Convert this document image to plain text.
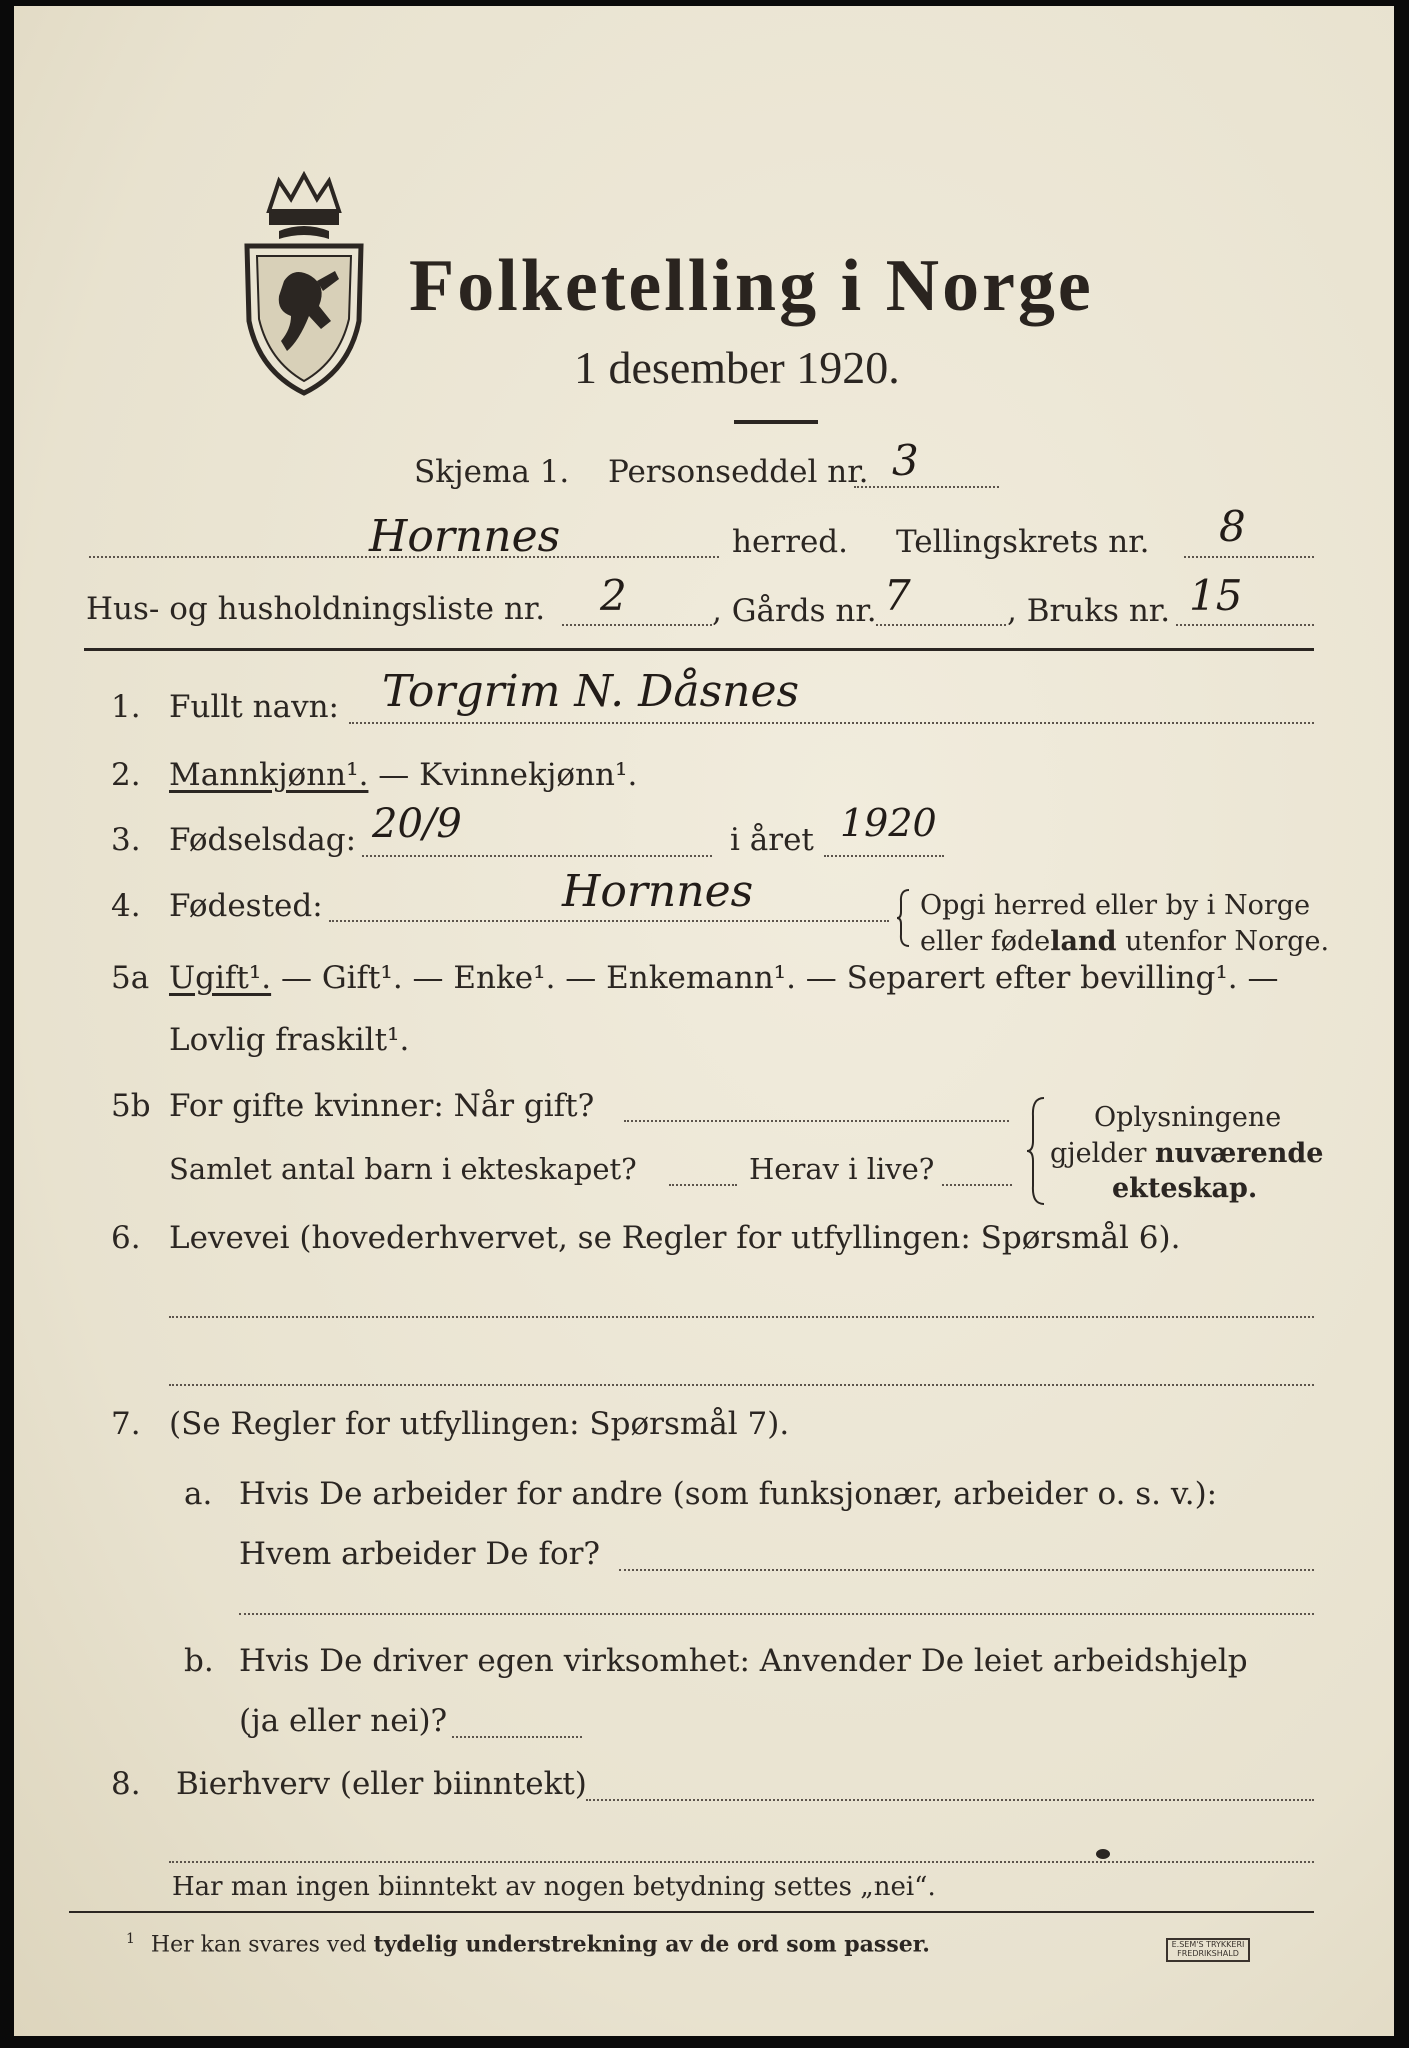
Folketelling i Norge
1 desember 1920.
Skjema 1. Personseddel nr. 3
Hornnes	herred. Tellingskrets nr. 8
Hus- og husholdningsliste nr. 2	, Gårds nr. 7	, Bruks nr. 15
1. Fullt navn: Torgrim N. Dåsnes
2. Mannkjønn¹. — Kvinnekjønn¹.
3. Fødselsdag: 20/9	i året 1920
4. Fødested:	Hornnes	Opgi herred eller by i Norge
eller fødeland utenfor Norge.
5a Ugift¹. — Gift¹. — Enke¹. — Enkemann¹. — Separert efter bevilling¹. —
Lovlig fraskilt¹.
5b For gifte kvinner: Når gift?
Samlet antal barn i ekteskapet?	Herav i live?
Oplysningene
gjelder nuværende
ekteskap.
6. Levevei (hovederhvervet, se Regler for utfyllingen: Spørsmål 6).
7. (Se Regler for utfyllingen: Spørsmål 7).
a. Hvis De arbeider for andre (som funksjonær, arbeider o. s. v.):
Hvem arbeider De for?
b. Hvis De driver egen virksomhet: Anvender De leiet arbeidshjelp
(ja eller nei)?
8. Bierhverv (eller biinntekt)
Har man ingen biinntekt av nogen betydning settes „nei“.
$^1$ Her kan svares ved tydelig understrekning av de ord som passer.	E.SEM'S TRYKKERI FREDRIKSHALD
